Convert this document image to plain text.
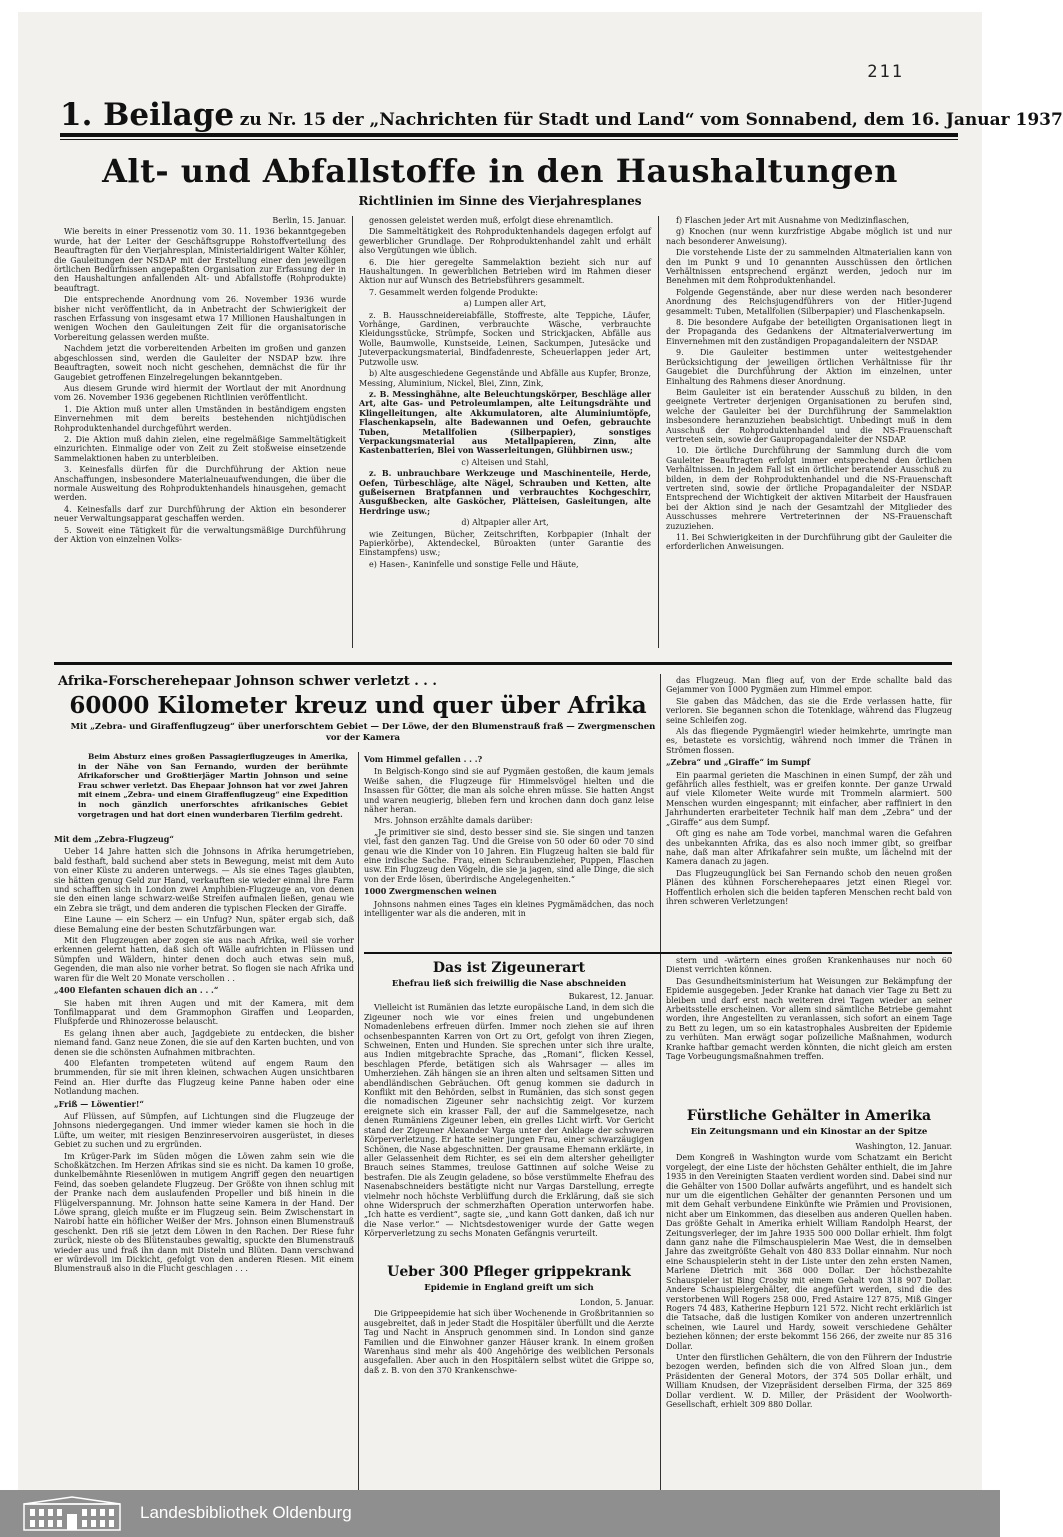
211
1. Beilage zu Nr. 15 der „Nachrichten für Stadt und Land“ vom Sonnabend, dem 16. Januar 1937
Alt- und Abfallstoffe in den Haushaltungen
Richtlinien im Sinne des Vierjahresplanes

Berlin, 15. Januar.

Wie bereits in einer Pressenotiz vom 30. 11. 1936 bekanntgegeben wurde, hat der Leiter der Geschäftsgruppe Rohstoffverteilung des Beauftragten für den Vierjahresplan, Ministerialdirigent Walter Köhler, die Gauleitungen der NSDAP mit der Erstellung einer den jeweiligen örtlichen Bedürfnissen angepaßten Organisation zur Erfassung der in den Haushaltungen anfallenden Alt- und Abfallstoffe (Rohprodukte) beauftragt.

Die entsprechende Anordnung vom 26. November 1936 wurde bisher nicht veröffentlicht, da in Anbetracht der Schwierigkeit der raschen Erfassung von insgesamt etwa 17 Millionen Haushaltungen in wenigen Wochen den Gauleitungen Zeit für die organisatorische Vorbereitung gelassen werden mußte.

Nachdem jetzt die vorbereitenden Arbeiten im großen und ganzen abgeschlossen sind, werden die Gauleiter der NSDAP bzw. ihre Beauftragten, soweit noch nicht geschehen, demnächst die für ihr Gaugebiet getroffenen Einzelregelungen bekanntgeben.

Aus diesem Grunde wird hiermit der Wortlaut der mit Anordnung vom 26. November 1936 gegebenen Richtlinien veröffentlicht.

1. Die Aktion muß unter allen Umständen in beständigem engsten Einvernehmen mit dem bereits bestehenden nichtjüdischen Rohproduktenhandel durchgeführt werden.

2. Die Aktion muß dahin zielen, eine regelmäßige Sammeltätigkeit einzurichten. Einmalige oder von Zeit zu Zeit stoßweise einsetzende Sammelaktionen haben zu unterbleiben.

3. Keinesfalls dürfen für die Durchführung der Aktion neue Anschaffungen, insbesondere Materialneuaufwendungen, die über die normale Ausweitung des Rohproduktenhandels hinausgehen, gemacht werden.

4. Keinesfalls darf zur Durchführung der Aktion ein besonderer neuer Verwaltungsapparat geschaffen werden.

5. Soweit eine Tätigkeit für die verwaltungsmäßige Durchführung der Aktion von einzelnen Volks-

genossen geleistet werden muß, erfolgt diese ehrenamtlich.

Die Sammeltätigkeit des Rohproduktenhandels dagegen erfolgt auf gewerblicher Grundlage. Der Rohproduktenhandel zahlt und erhält also Vergütungen wie üblich.

6. Die hier geregelte Sammelaktion bezieht sich nur auf Haushaltungen. In gewerblichen Betrieben wird im Rahmen dieser Aktion nur auf Wunsch des Betriebsführers gesammelt.

7. Gesammelt werden folgende Produkte:

a) Lumpen aller Art,

z. B. Hausschneidereiabfälle, Stoffreste, alte Teppiche, Läufer, Vorhänge, Gardinen, verbrauchte Wäsche, verbrauchte Kleidungsstücke, Strümpfe, Socken und Strickjacken, Abfälle aus Wolle, Baumwolle, Kunstseide, Leinen, Sackumpen, Jutesäcke und Juteverpackungsmaterial, Bindfadenreste, Scheuerlappen jeder Art, Putzwolle usw.

b) Alte ausgeschiedene Gegenstände und Abfälle aus Kupfer, Bronze, Messing, Aluminium, Nickel, Blei, Zinn, Zink,

z. B. Messinghähne, alte Beleuchtungskörper, Beschläge aller Art, alte Gas- und Petroleumlampen, alte Leitungsdrähte und Klingelleitungen, alte Akkumulatoren, alte Aluminiumtöpfe, Flaschenkapseln, alte Badewannen und Oefen, gebrauchte Tuben, Metallfolien (Silberpapier), sonstiges Verpackungsmaterial aus Metallpapieren, Zinn, alte Kastenbatterien, Blei von Wasserleitungen, Glühbirnen usw.;

c) Alteisen und Stahl,

z. B. unbrauchbare Werkzeuge und Maschinenteile, Herde, Oefen, Türbeschläge, alte Nägel, Schrauben und Ketten, alte gußeisernen Bratpfannen und verbrauchtes Kochgeschirr, Ausgußbecken, alte Gasköcher, Plätteisen, Gasleitungen, alte Herdringe usw.;

d) Altpapier aller Art,

wie Zeitungen, Bücher, Zeitschriften, Korbpapier (Inhalt der Papierkörbe), Aktendeckel, Büroakten (unter Garantie des Einstampfens) usw.;

e) Hasen-, Kaninfelle und sonstige Felle und Häute,

f) Flaschen jeder Art mit Ausnahme von Medizinflaschen,

g) Knochen (nur wenn kurzfristige Abgabe möglich ist und nur nach besonderer Anweisung).

Die vorstehende Liste der zu sammelnden Altmaterialien kann von den im Punkt 9 und 10 genannten Ausschüssen den örtlichen Verhältnissen entsprechend ergänzt werden, jedoch nur im Benehmen mit dem Rohproduktenhandel.

Folgende Gegenstände, aber nur diese werden nach besonderer Anordnung des Reichsjugendführers von der Hitler-Jugend gesammelt: Tuben, Metallfolien (Silberpapier) und Flaschenkapseln.

8. Die besondere Aufgabe der beteiligten Organisationen liegt in der Propaganda des Gedankens der Altmaterialverwertung im Einvernehmen mit den zuständigen Propagandaleitern der NSDAP.

9. Die Gauleiter bestimmen unter weitestgehender Berücksichtigung der jeweiligen örtlichen Verhältnisse für ihr Gaugebiet die Durchführung der Aktion im einzelnen, unter Einhaltung des Rahmens dieser Anordnung.

Beim Gauleiter ist ein beratender Ausschuß zu bilden, in den geeignete Vertreter derjenigen Organisationen zu berufen sind, welche der Gauleiter bei der Durchführung der Sammelaktion insbesondere heranzuziehen beabsichtigt. Unbedingt muß in dem Ausschuß der Rohproduktenhandel und die NS-Frauenschaft vertreten sein, sowie der Gaupropagandaleiter der NSDAP.

10. Die örtliche Durchführung der Sammlung durch die vom Gauleiter Beauftragten erfolgt immer entsprechend den örtlichen Verhältnissen. In jedem Fall ist ein örtlicher beratender Ausschuß zu bilden, in dem der Rohproduktenhandel und die NS-Frauenschaft vertreten sind, sowie der örtliche Propagandaleiter der NSDAP. Entsprechend der Wichtigkeit der aktiven Mitarbeit der Hausfrauen bei der Aktion sind je nach der Gesamtzahl der Mitglieder des Ausschusses mehrere Vertreterinnen der NS-Frauenschaft zuzuziehen.

11. Bei Schwierigkeiten in der Durchführung gibt der Gauleiter die erforderlichen Anweisungen.

Afrika-Forscherehepaar Johnson schwer verletzt . . .
60000 Kilometer kreuz und quer über Afrika
Mit „Zebra- und Giraffenflugzeug“ über unerforschtem Gebiet — Der Löwe, der den Blumenstrauß fraß — Zwergmenschen vor der Kamera

Beim Absturz eines großen Passagierflugzeuges in Amerika, in der Nähe von San Fernando, wurden der berühmte Afrikaforscher und Großtierjäger Martin Johnson und seine Frau schwer verletzt. Das Ehepaar Johnson hat vor zwei Jahren mit einem „Zebra- und einem Giraffenflugzeug“ eine Expedition in noch gänzlich unerforschtes afrikanisches Gebiet vorgetragen und hat dort einen wunderbaren Tierfilm gedreht.

Mit dem „Zebra-Flugzeug“

Ueber 14 Jahre hatten sich die Johnsons in Afrika herumgetrieben, bald festhaft, bald suchend aber stets in Bewegung, meist mit dem Auto von einer Küste zu anderen unterwegs. — Als sie eines Tages glaubten, sie hätten genug Geld zur Hand, verkauften sie wieder einmal ihre Farm und schafften sich in London zwei Amphibien-Flugzeuge an, von denen sie den einen lange schwarz-weiße Streifen aufmalen ließen, genau wie ein Zebra sie trägt, und dem anderen die typischen Flecken der Giraffe.

Eine Laune — ein Scherz — ein Unfug? Nun, später ergab sich, daß diese Bemalung eine der besten Schutzfärbungen war.

Mit den Flugzeugen aber zogen sie aus nach Afrika, weil sie vorher erkennen gelernt hatten, daß sich oft Wälle aufrichten in Flüssen und Sümpfen und Wäldern, hinter denen doch auch etwas sein muß, Gegenden, die man also nie vorher betrat. So flogen sie nach Afrika und waren für die Welt 20 Monate verschollen . .

„400 Elefanten schauen dich an . . .“

Sie haben mit ihren Augen und mit der Kamera, mit dem Tonfilmapparat und dem Grammophon Giraffen und Leoparden, Flußpferde und Rhinozerosse belauscht.

Es gelang ihnen aber auch, Jagdgebiete zu entdecken, die bisher niemand fand. Ganz neue Zonen, die sie auf den Karten buchten, und von denen sie die schönsten Aufnahmen mitbrachten.

400 Elefanten trompeteten wütend auf engem Raum den brummenden, für sie mit ihren kleinen, schwachen Augen unsichtbaren Feind an. Hier durfte das Flugzeug keine Panne haben oder eine Notlandung machen.

„Friß — Löwentier!“

Auf Flüssen, auf Sümpfen, auf Lichtungen sind die Flugzeuge der Johnsons niedergegangen. Und immer wieder kamen sie hoch in die Lüfte, um weiter, mit riesigen Benzinreservoiren ausgerüstet, in dieses Gebiet zu suchen und zu ergründen.

Im Krüger-Park im Süden mögen die Löwen zahm sein wie die Schoßkätzchen. Im Herzen Afrikas sind sie es nicht. Da kamen 10 große, dunkelbemähnte Riesenlöwen in mutigem Angriff gegen den neuartigen Feind, das soeben gelandete Flugzeug. Der Größte von ihnen schlug mit der Pranke nach dem auslaufenden Propeller und biß hinein in die Flügelverspannung. Mr. Johnson hatte seine Kamera in der Hand. Der Löwe sprang, gleich mußte er im Flugzeug sein. Beim Zwischenstart in Nairobi hatte ein höflicher Weißer der Mrs. Johnson einen Blumenstrauß geschenkt. Den riß sie jetzt dem Löwen in den Rachen. Der Riese fuhr zurück, nieste ob des Blütenstaubes gewaltig, spuckte den Blumenstrauß wieder aus und fraß ihn dann mit Disteln und Blüten. Dann verschwand er würdevoll im Dickicht, gefolgt von den anderen Riesen. Mit einem Blumenstrauß also in die Flucht geschlagen . . .

Vom Himmel gefallen . . .?

In Belgisch-Kongo sind sie auf Pygmäen gestoßen, die kaum jemals Weiße sahen, die Flugzeuge für Himmelsvögel hielten und die Insassen für Götter, die man als solche ehren müsse. Sie hatten Angst und waren neugierig, blieben fern und krochen dann doch ganz leise näher heran.

Mrs. Johnson erzählte damals darüber:

„Je primitiver sie sind, desto besser sind sie. Sie singen und tanzen viel, fast den ganzen Tag. Und die Greise von 50 oder 60 oder 70 sind genau wie die Kinder von 10 Jahren. Ein Flugzeug halten sie bald für eine irdische Sache. Frau, einen Schraubenzieher, Puppen, Flaschen usw. Ein Flugzeug den Vögeln, die sie ja jagen, sind alle Dinge, die sich von der Erde lösen, überirdische Angelegenheiten.“

1000 Zwergmenschen weinen

Johnsons nahmen eines Tages ein kleines Pygmämädchen, das noch intelligenter war als die anderen, mit in

das Flugzeug. Man flieg auf, von der Erde schallte bald das Gejammer von 1000 Pygmäen zum Himmel empor.

Sie gaben das Mädchen, das sie die Erde verlassen hatte, für verloren. Sie begannen schon die Totenklage, während das Flugzeug seine Schleifen zog.

Als das fliegende Pygmäengirl wieder heimkehrte, umringte man es, betastete es vorsichtig, während noch immer die Tränen in Strömen flossen.

„Zebra“ und „Giraffe“ im Sumpf

Ein paarmal gerieten die Maschinen in einen Sumpf, der zäh und gefährlich alles festhielt, was er greifen konnte. Der ganze Urwald auf viele Kilometer Weite wurde mit Trommeln alarmiert. 500 Menschen wurden eingespannt; mit einfacher, aber raffiniert in den Jahrhunderten erarbeiteter Technik half man dem „Zebra“ und der „Giraffe“ aus dem Sumpf.

Oft ging es nahe am Tode vorbei, manchmal waren die Gefahren des unbekannten Afrika, das es also noch immer gibt, so greifbar nahe, daß man alter Afrikafahrer sein mußte, um lächelnd mit der Kamera danach zu jagen.

Das Flugzeugunglück bei San Fernando schob den neuen großen Plänen des kühnen Forscherehepaares jetzt einen Riegel vor. Hoffentlich erholen sich die beiden tapferen Menschen recht bald von ihren schweren Verletzungen!

Das ist Zigeunerart
Ehefrau ließ sich freiwillig die Nase abschneiden

Bukarest, 12. Januar.

Vielleicht ist Rumänien das letzte europäische Land, in dem sich die Zigeuner noch wie vor eines freien und ungebundenen Nomadenlebens erfreuen dürfen. Immer noch ziehen sie auf ihren ochsenbespannten Karren von Ort zu Ort, gefolgt von ihren Ziegen, Schweinen, Enten und Hunden. Sie sprechen unter sich ihre uralte, aus Indien mitgebrachte Sprache, das „Romani“, flicken Kessel, beschlagen Pferde, betätigen sich als Wahrsager — alles im Umherziehen. Zäh hängen sie an ihren alten und seltsamen Sitten und abendländischen Gebräuchen. Oft genug kommen sie dadurch in Konflikt mit den Behörden, selbst in Rumänien, das sich sonst gegen die nomadischen Zigeuner sehr nachsichtig zeigt. Vor kurzem ereignete sich ein krasser Fall, der auf die Sammelgesetze, nach denen Rumäniens Zigeuner leben, ein grelles Licht wirft. Vor Gericht stand der Zigeuner Alexander Varga unter der Anklage der schweren Körperverletzung. Er hatte seiner jungen Frau, einer schwarzäugigen Schönen, die Nase abgeschnitten. Der grausame Ehemann erklärte, in aller Gelassenheit dem Richter, es sei ein dem altersher geheiligter Brauch seines Stammes, treulose Gattinnen auf solche Weise zu bestrafen. Die als Zeugin geladene, so böse verstümmelte Ehefrau des Nasenabschneiders bestätigte nicht nur Vargas Darstellung, erregte vielmehr noch höchste Verblüffung durch die Erklärung, daß sie sich ohne Widerspruch der schmerzhaften Operation unterworfen habe. „Ich hatte es verdient“, sagte sie, „und kann Gott danken, daß ich nur die Nase verlor.“ — Nichtsdestoweniger wurde der Gatte wegen Körperverletzung zu sechs Monaten Gefängnis verurteilt.

stern und -wärtern eines großen Krankenhauses nur noch 60 Dienst verrichten können.

Das Gesundheitsministerium hat Weisungen zur Bekämpfung der Epidemie ausgegeben. Jeder Kranke hat danach vier Tage zu Bett zu bleiben und darf erst nach weiteren drei Tagen wieder an seiner Arbeitsstelle erscheinen. Vor allem sind sämtliche Betriebe gemahnt worden, ihre Angestellten zu veranlassen, sich sofort an einem Tage zu Bett zu legen, um so ein katastrophales Ausbreiten der Epidemie zu verhüten. Man erwägt sogar polizeiliche Maßnahmen, wodurch Kranke haftbar gemacht werden könnten, die nicht gleich am ersten Tage Vorbeugungsmaßnahmen treffen.

Ueber 300 Pfleger grippekrank
Epidemie in England greift um sich

London, 5. Januar.

Die Grippeepidemie hat sich über Wochenende in Großbritannien so ausgebreitet, daß in jeder Stadt die Hospitäler überfüllt und die Aerzte Tag und Nacht in Anspruch genommen sind. In London sind ganze Familien und die Einwohner ganzer Häuser krank. In einem großen Warenhaus sind mehr als 400 Angehörige des weiblichen Personals ausgefallen. Aber auch in den Hospitälern selbst wütet die Grippe so, daß z. B. von den 370 Krankenschwe-

Fürstliche Gehälter in Amerika
Ein Zeitungsmann und ein Kinostar an der Spitze

Washington, 12. Januar.

Dem Kongreß in Washington wurde vom Schatzamt ein Bericht vorgelegt, der eine Liste der höchsten Gehälter enthielt, die im Jahre 1935 in den Vereinigten Staaten verdient worden sind. Dabei sind nur die Gehälter von 1500 Dollar aufwärts angeführt, und es handelt sich nur um die eigentlichen Gehälter der genannten Personen und um mit dem Gehalt verbundene Einkünfte wie Prämien und Provisionen, nicht aber um Einkommen, das dieselben aus anderen Quellen haben. Das größte Gehalt in Amerika erhielt William Randolph Hearst, der Zeitungsverleger, der im Jahre 1935 500 000 Dollar erhielt. Ihm folgt dann ganz nahe die Filmschauspielerin Mae West, die in demselben Jahre das zweitgrößte Gehalt von 480 833 Dollar einnahm. Nur noch eine Schauspielerin steht in der Liste unter den zehn ersten Namen, Marlene Dietrich mit 368 000 Dollar. Der höchstbezahlte Schauspieler ist Bing Crosby mit einem Gehalt von 318 907 Dollar. Andere Schauspielergehälter, die angeführt werden, sind die des verstorbenen Will Rogers 258 000, Fred Astaire 127 875, Miß Ginger Rogers 74 483, Katherine Hepburn 121 572. Nicht recht erklärlich ist die Tatsache, daß die lustigen Komiker von anderen unzertrennlich scheinen, wie Laurel und Hardy, soweit verschiedene Gehälter beziehen können; der erste bekommt 156 266, der zweite nur 85 316 Dollar.

Unter den fürstlichen Gehältern, die von den Führern der Industrie bezogen werden, befinden sich die von Alfred Sloan jun., dem Präsidenten der General Motors, der 374 505 Dollar erhält, und William Knudsen, der Vizepräsident derselben Firma, der 325 869 Dollar verdient. W. D. Miller, der Präsident der Woolworth-Gesellschaft, erhielt 309 880 Dollar.

Landesbibliothek Oldenburg
